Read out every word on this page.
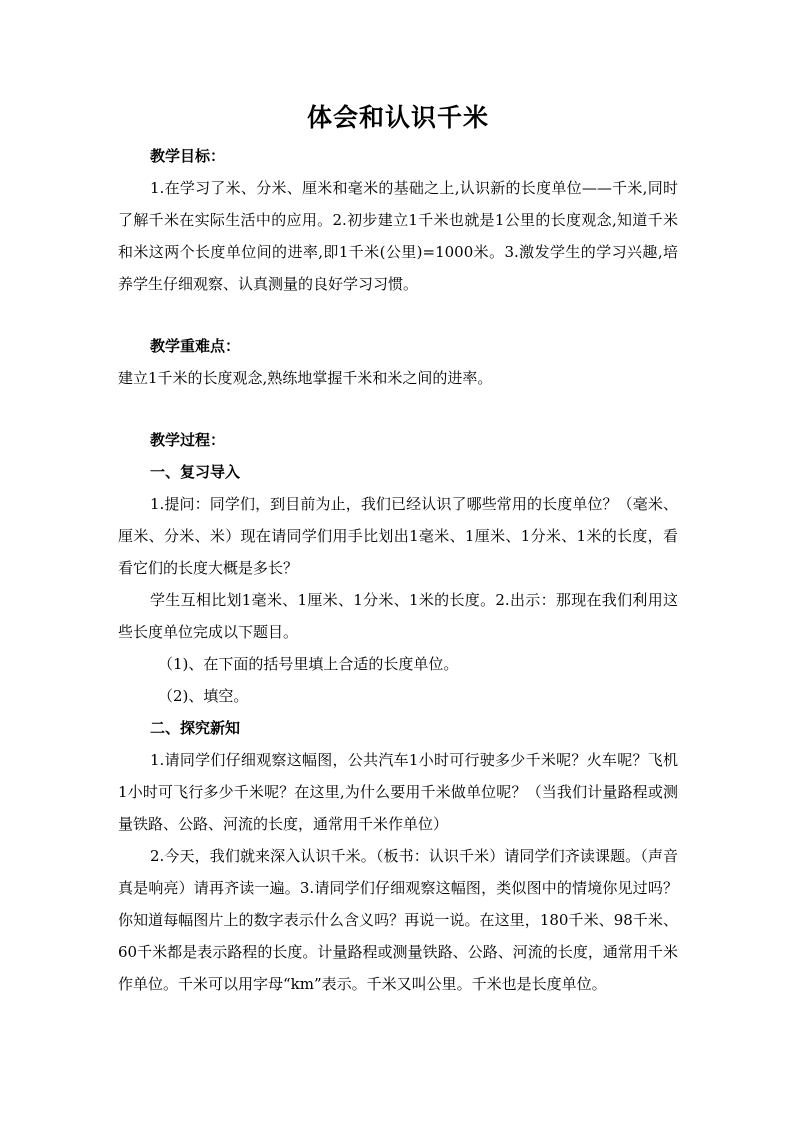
体会和认识千米

教学目标：

1.在学习了米、分米、厘米和毫米的基础之上,认识新的长度单位——千米,同时了解千米在实际生活中的应用。2.初步建立1千米也就是1公里的长度观念,知道千米和米这两个长度单位间的进率,即1千米(公里)=1000米。3.激发学生的学习兴趣,培养学生仔细观察、认真测量的良好学习习惯。

教学重难点：

建立1千米的长度观念,熟练地掌握千米和米之间的进率。

教学过程：

一、复习导入

1.提问：同学们，到目前为止，我们已经认识了哪些常用的长度单位？（毫米、厘米、分米、米）现在请同学们用手比划出1毫米、1厘米、1分米、1米的长度，看看它们的长度大概是多长？

学生互相比划1毫米、1厘米、1分米、1米的长度。2.出示：那现在我们利用这些长度单位完成以下题目。

（1)、在下面的括号里填上合适的长度单位。

（2)、填空。

二、探究新知

1.请同学们仔细观察这幅图，公共汽车1小时可行驶多少千米呢？火车呢？飞机1小时可飞行多少千米呢？在这里,为什么要用千米做单位呢？（当我们计量路程或测量铁路、公路、河流的长度，通常用千米作单位）

2.今天，我们就来深入认识千米。（板书：认识千米）请同学们齐读课题。（声音真是响亮）请再齐读一遍。3.请同学们仔细观察这幅图，类似图中的情境你见过吗？你知道每幅图片上的数字表示什么含义吗？再说一说。在这里，180千米、98千米、60千米都是表示路程的长度。计量路程或测量铁路、公路、河流的长度，通常用千米作单位。千米可以用字母“km”表示。千米又叫公里。千米也是长度单位。
